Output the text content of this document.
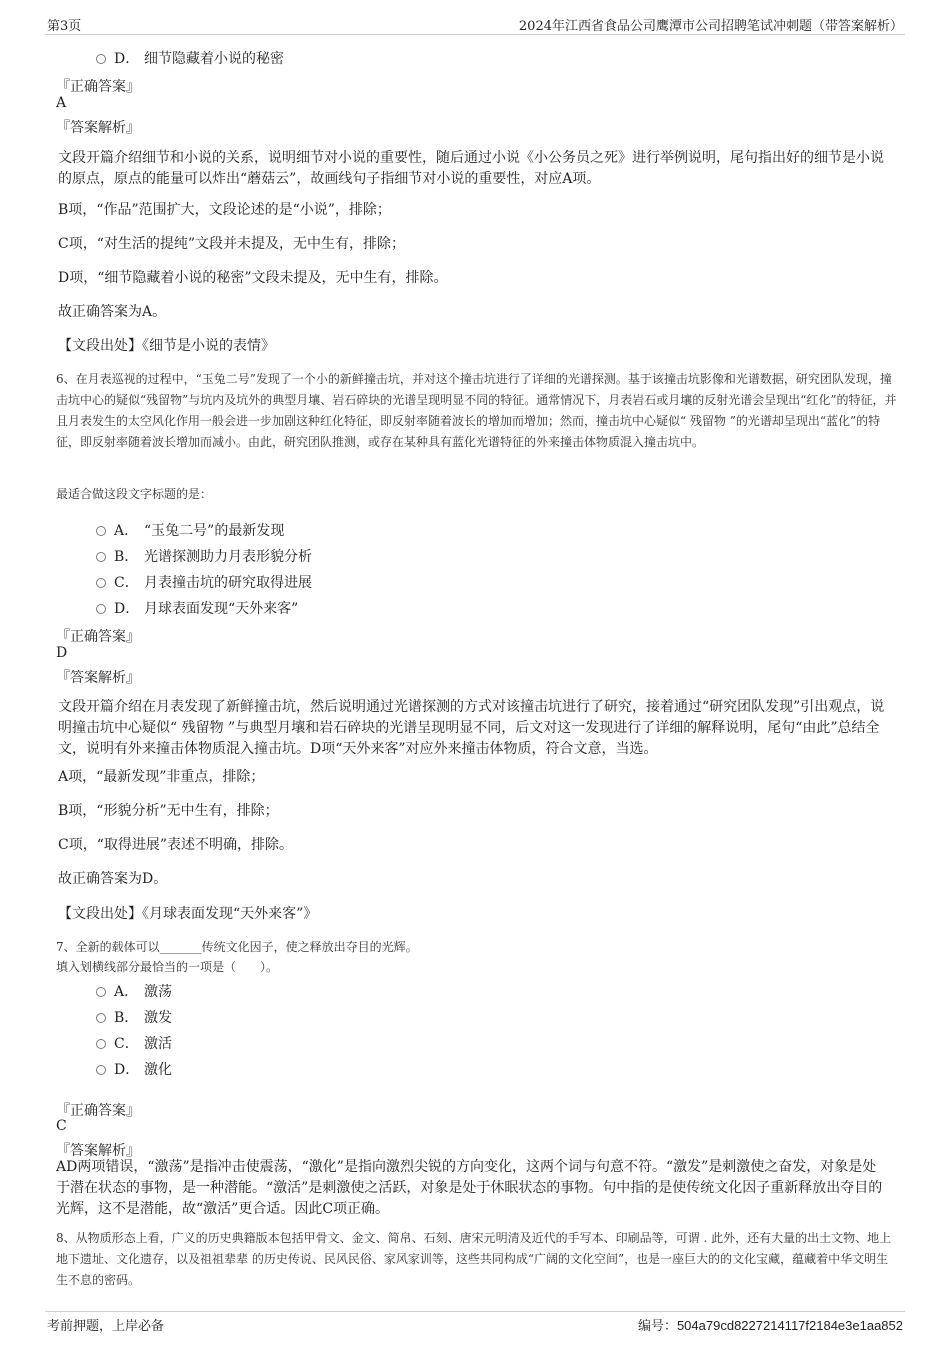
第3页	2024年江西省食品公司鹰潭市公司招聘笔试冲刺题（带答案解析）
D． 细节隐藏着小说的秘密
『正确答案』
A
『答案解析』
文段开篇介绍细节和小说的关系，说明细节对小说的重要性，随后通过小说《小公务员之死》进行举例说明，尾句指出好的细节是小说的原点，原点的能量可以炸出“蘑菇云”，故画线句子指细节对小说的重要性，对应A项。
B项，“作品”范围扩大，文段论述的是“小说”，排除；
C项，“对生活的提纯”文段并未提及，无中生有，排除；
D项，“细节隐藏着小说的秘密”文段未提及，无中生有，排除。
故正确答案为A。
【文段出处】《细节是小说的表情》
6、在月表巡视的过程中，“玉兔二号”发现了一个小的新鲜撞击坑，并对这个撞击坑进行了详细的光谱探测。基于该撞击坑影像和光谱数据，研究团队发现，撞击坑中心的疑似“残留物”与坑内及坑外的典型月壤、岩石碎块的光谱呈现明显不同的特征。通常情况下，月表岩石或月壤的反射光谱会呈现出“红化”的特征，并且月表发生的太空风化作用一般会进一步加剧这种红化特征，即反射率随着波长的增加而增加；然而，撞击坑中心疑似“ 残留物 ”的光谱却呈现出“蓝化”的特征，即反射率随着波长增加而减小。由此，研究团队推测，或存在某种具有蓝化光谱特征的外来撞击体物质混入撞击坑中。
最适合做这段文字标题的是：
A． “玉兔二号”的最新发现
B． 光谱探测助力月表形貌分析
C． 月表撞击坑的研究取得进展
D． 月球表面发现“天外来客”
『正确答案』
D
『答案解析』
文段开篇介绍在月表发现了新鲜撞击坑，然后说明通过光谱探测的方式对该撞击坑进行了研究，接着通过“研究团队发现”引出观点，说明撞击坑中心疑似“ 残留物 ”与典型月壤和岩石碎块的光谱呈现明显不同，后文对这一发现进行了详细的解释说明，尾句“由此”总结全文，说明有外来撞击体物质混入撞击坑。D项“天外来客”对应外来撞击体物质，符合文意，当选。
A项，“最新发现”非重点，排除；
B项，“形貌分析”无中生有，排除；
C项，“取得进展”表述不明确，排除。
故正确答案为D。
【文段出处】《月球表面发现“天外来客”》
7、全新的载体可以_______传统文化因子，使之释放出夺目的光辉。
填入划横线部分最恰当的一项是（　　）。
A． 激荡
B． 激发
C． 激活
D． 激化
『正确答案』
C
『答案解析』
AD两项错误，“激荡”是指冲击使震荡，“激化”是指向激烈尖锐的方向变化，这两个词与句意不符。“激发”是刺激使之奋发，对象是处于潜在状态的事物，是一种潜能。“激活”是刺激使之活跃，对象是处于休眠状态的事物。句中指的是使传统文化因子重新释放出夺目的光辉，这不是潜能，故“激活”更合适。因此C项正确。
8、从物质形态上看，广义的历史典籍版本包括甲骨文、金文、简帛、石刻、唐宋元明清及近代的手写本、印刷品等，可谓 . 此外，还有大量的出土文物、地上地下遗址、文化遗存，以及祖祖辈辈 的历史传说、民风民俗、家风家训等，这些共同构成“广阔的文化空间”，也是一座巨大的的文化宝藏，蕴藏着中华文明生生不息的密码。
考前押题，上岸必备	编号：504a79cd8227214117f2184e3e1aa852
